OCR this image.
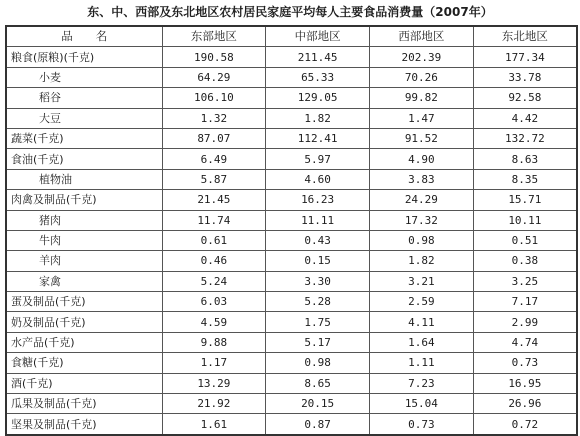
东、中、西部及东北地区农村居民家庭平均每人主要食品消费量（2007年）
品　　名	东部地区	中部地区	西部地区	东北地区
粮食(原粮)(千克)	190.58	211.45	202.39	177.34
小麦	64.29	65.33	70.26	33.78
稻谷	106.10	129.05	99.82	92.58
大豆	1.32	1.82	1.47	4.42
蔬菜(千克)	87.07	112.41	91.52	132.72
食油(千克)	6.49	5.97	4.90	8.63
植物油	5.87	4.60	3.83	8.35
肉禽及制品(千克)	21.45	16.23	24.29	15.71
猪肉	11.74	11.11	17.32	10.11
牛肉	0.61	0.43	0.98	0.51
羊肉	0.46	0.15	1.82	0.38
家禽	5.24	3.30	3.21	3.25
蛋及制品(千克)	6.03	5.28	2.59	7.17
奶及制品(千克)	4.59	1.75	4.11	2.99
水产品(千克)	9.88	5.17	1.64	4.74
食糖(千克)	1.17	0.98	1.11	0.73
酒(千克)	13.29	8.65	7.23	16.95
瓜果及制品(千克)	21.92	20.15	15.04	26.96
坚果及制品(千克)	1.61	0.87	0.73	0.72
